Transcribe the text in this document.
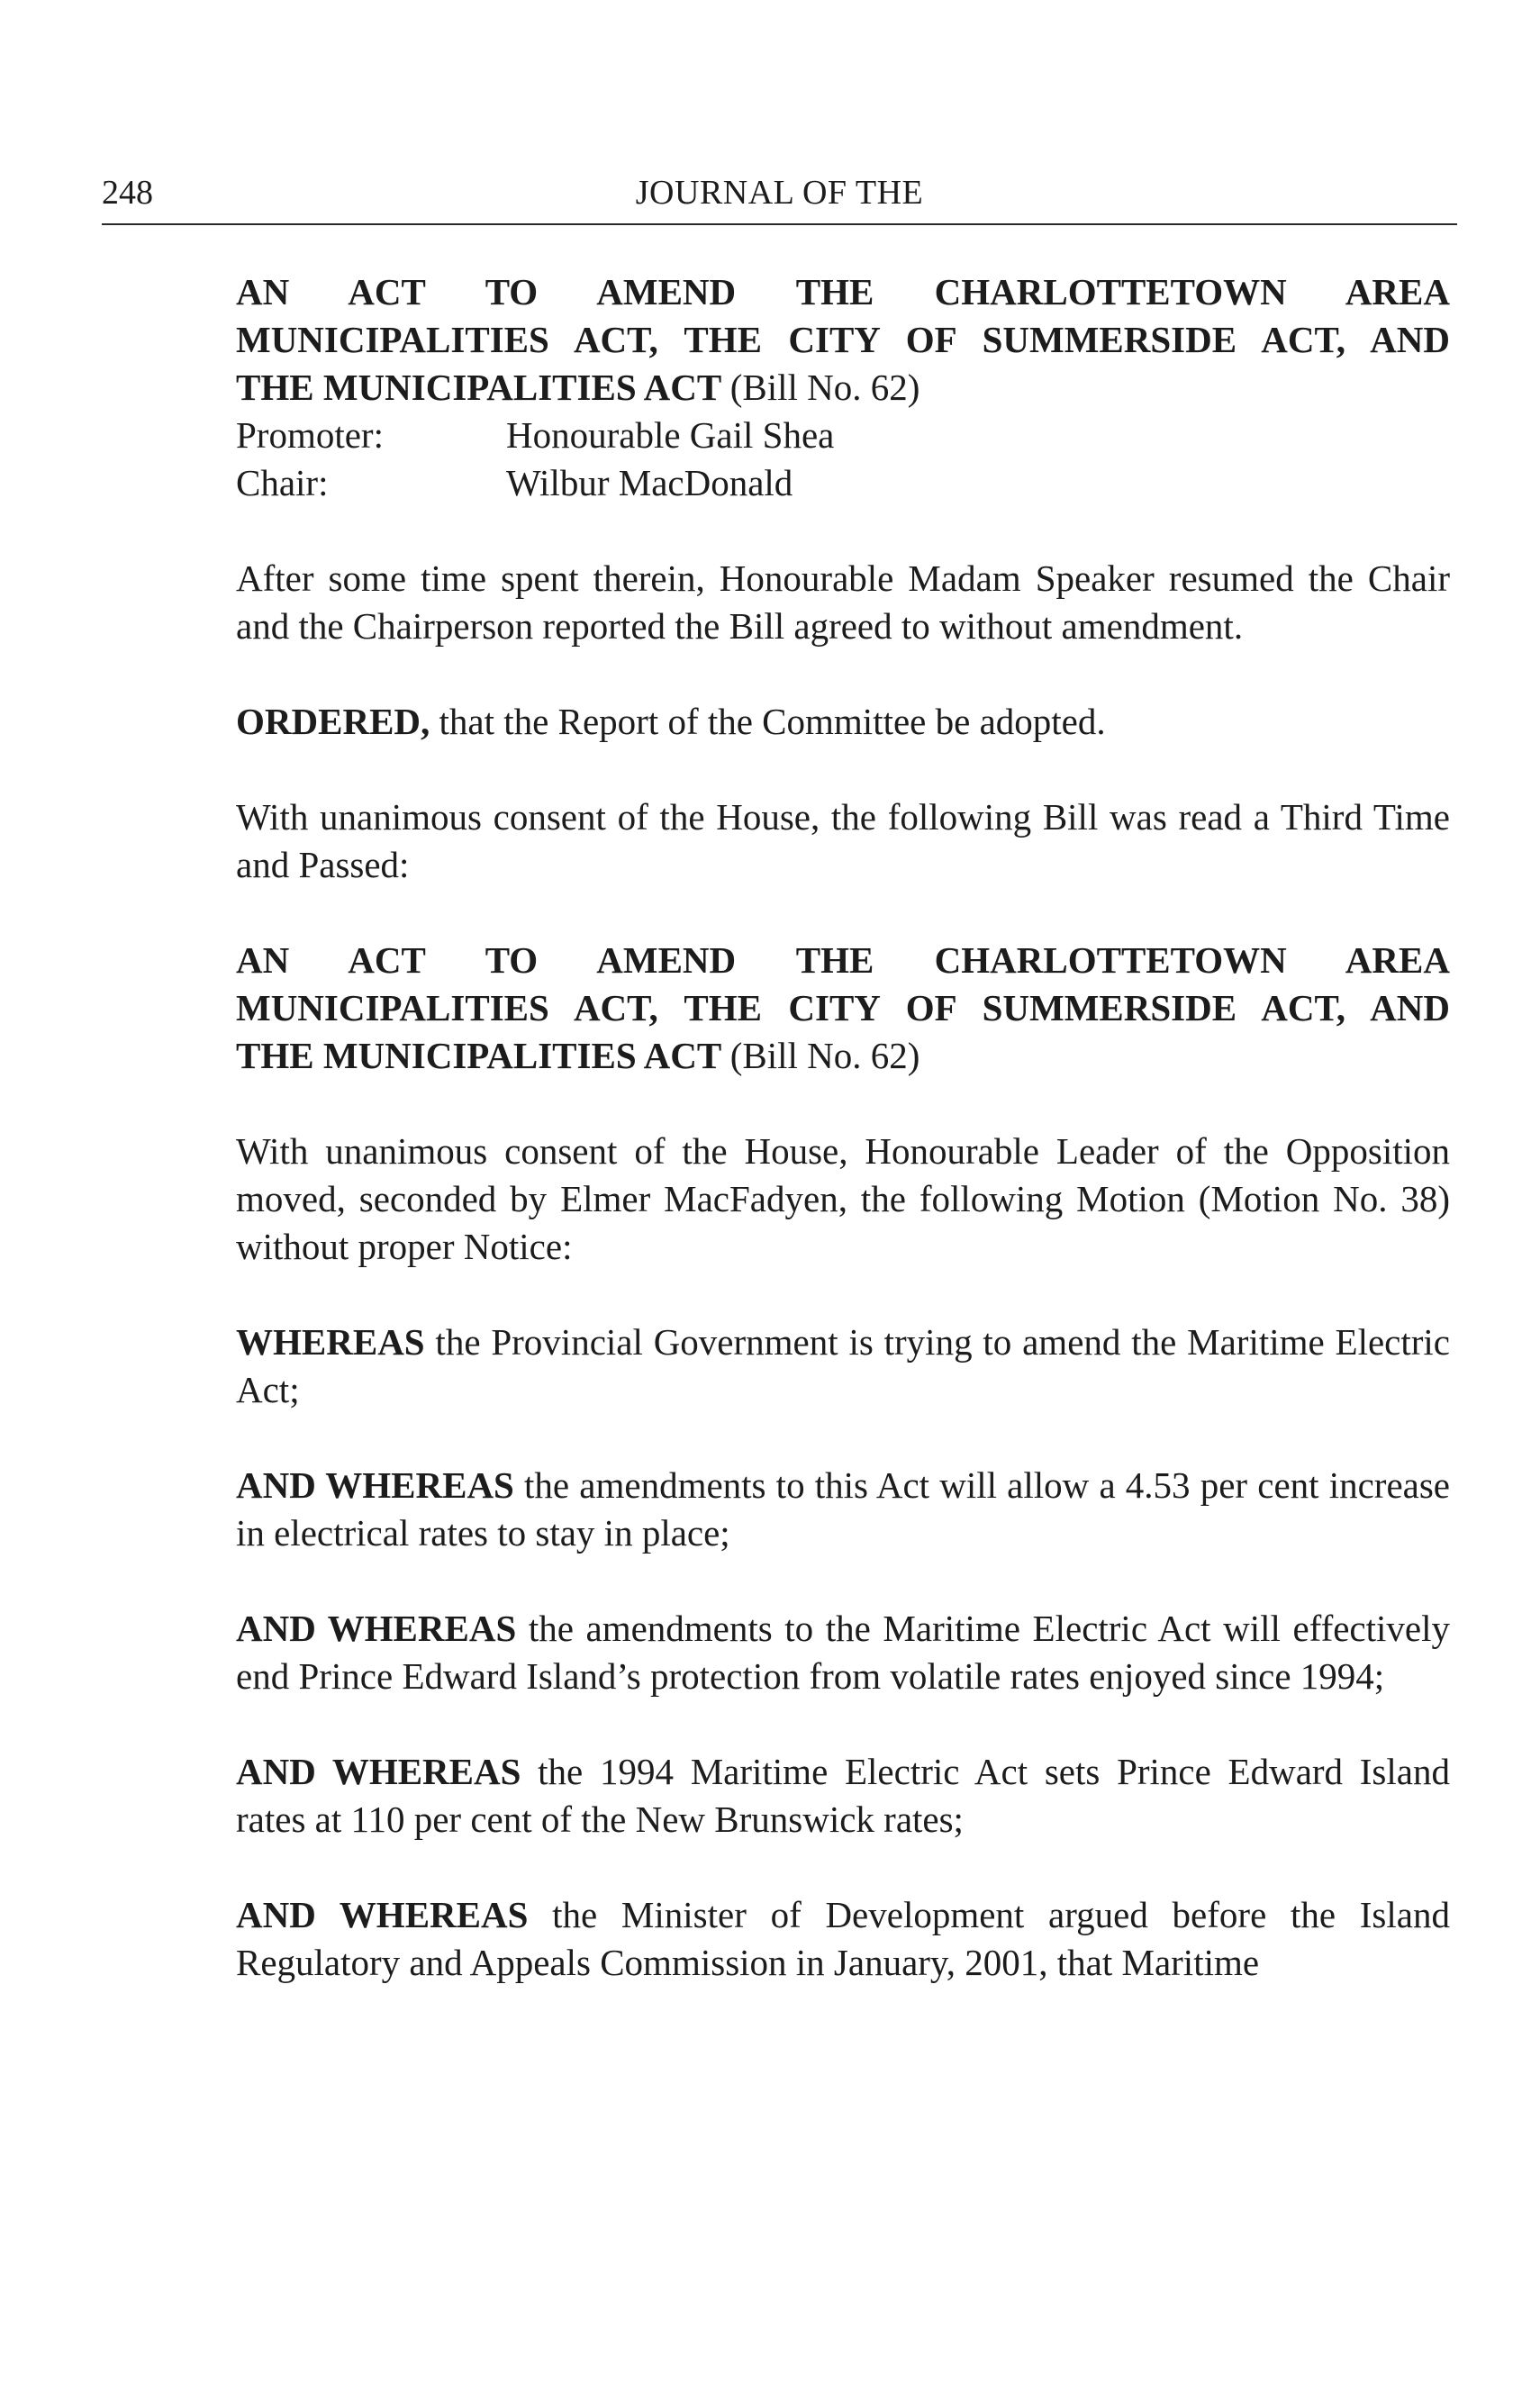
248	JOURNAL OF THE
AN ACT TO AMEND THE CHARLOTTETOWN AREA
MUNICIPALITIES ACT, THE CITY OF SUMMERSIDE ACT, AND
THE MUNICIPALITIES ACT (Bill No. 62)
Promoter:	Honourable Gail Shea
Chair:	Wilbur MacDonald

After some time spent therein, Honourable Madam Speaker resumed the Chair and the Chairperson reported the Bill agreed to without amendment.

ORDERED, that the Report of the Committee be adopted.

With unanimous consent of the House, the following Bill was read a Third Time and Passed:

AN ACT TO AMEND THE CHARLOTTETOWN AREA
MUNICIPALITIES ACT, THE CITY OF SUMMERSIDE ACT, AND
THE MUNICIPALITIES ACT (Bill No. 62)

With unanimous consent of the House, Honourable Leader of the Opposition moved, seconded by Elmer MacFadyen, the following Motion (Motion No. 38) without proper Notice:

WHEREAS the Provincial Government is trying to amend the Maritime Electric Act;

AND WHEREAS the amendments to this Act will allow a 4.53 per cent increase in electrical rates to stay in place;

AND WHEREAS the amendments to the Maritime Electric Act will effectively end Prince Edward Island’s protection from volatile rates enjoyed since 1994;

AND WHEREAS the 1994 Maritime Electric Act sets Prince Edward Island rates at 110 per cent of the New Brunswick rates;

AND WHEREAS the Minister of Development argued before the Island Regulatory and Appeals Commission in January, 2001, that Maritime
